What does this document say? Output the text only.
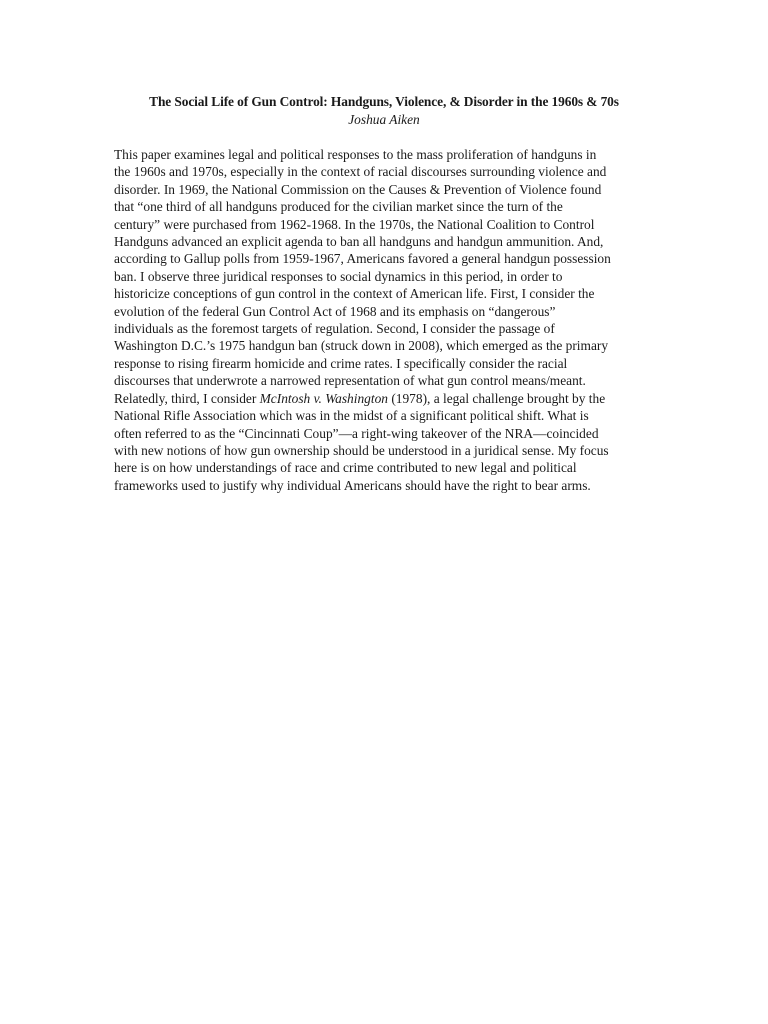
The Social Life of Gun Control: Handguns, Violence, & Disorder in the 1960s & 70s
Joshua Aiken
This paper examines legal and political responses to the mass proliferation of handguns in
the 1960s and 1970s, especially in the context of racial discourses surrounding violence and
disorder. In 1969, the National Commission on the Causes & Prevention of Violence found
that “one third of all handguns produced for the civilian market since the turn of the
century” were purchased from 1962-1968. In the 1970s, the National Coalition to Control
Handguns advanced an explicit agenda to ban all handguns and handgun ammunition. And,
according to Gallup polls from 1959-1967, Americans favored a general handgun possession
ban. I observe three juridical responses to social dynamics in this period, in order to
historicize conceptions of gun control in the context of American life. First, I consider the
evolution of the federal Gun Control Act of 1968 and its emphasis on “dangerous”
individuals as the foremost targets of regulation. Second, I consider the passage of
Washington D.C.’s 1975 handgun ban (struck down in 2008), which emerged as the primary
response to rising firearm homicide and crime rates. I specifically consider the racial
discourses that underwrote a narrowed representation of what gun control means/meant.
Relatedly, third, I consider McIntosh v. Washington (1978), a legal challenge brought by the
National Rifle Association which was in the midst of a significant political shift. What is
often referred to as the “Cincinnati Coup”—a right-wing takeover of the NRA—coincided
with new notions of how gun ownership should be understood in a juridical sense. My focus
here is on how understandings of race and crime contributed to new legal and political
frameworks used to justify why individual Americans should have the right to bear arms.
